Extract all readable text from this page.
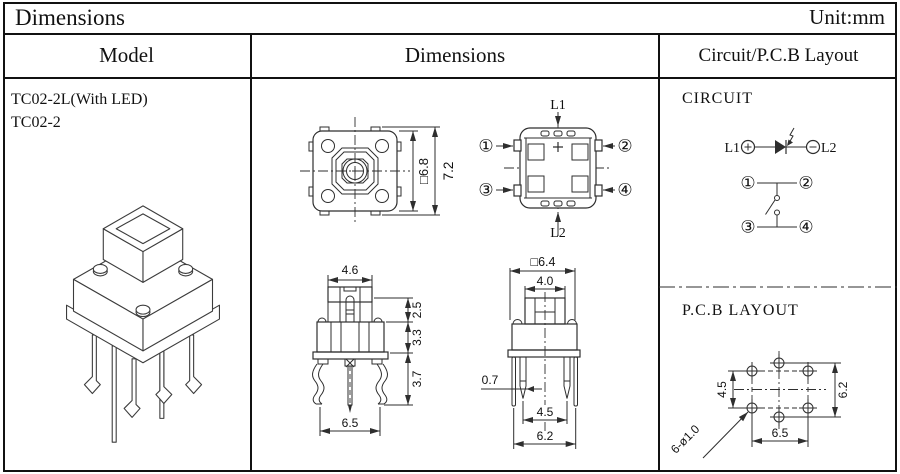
Dimensions	Unit:mm
Model	Dimensions	Circuit/P.C.B Layout
TC02-2L(With LED)
TC02-2
□6.8 7.2
L1
L2
①	②
③	④
4.6
2.5
3.3
3.7
6.5
□6.4
4.0
0.7
4.5
6.2
CIRCUIT
L1	L2
①	②
③	④
P.C.B LAYOUT
4.5	6.2
6.5
6-ø1.0
